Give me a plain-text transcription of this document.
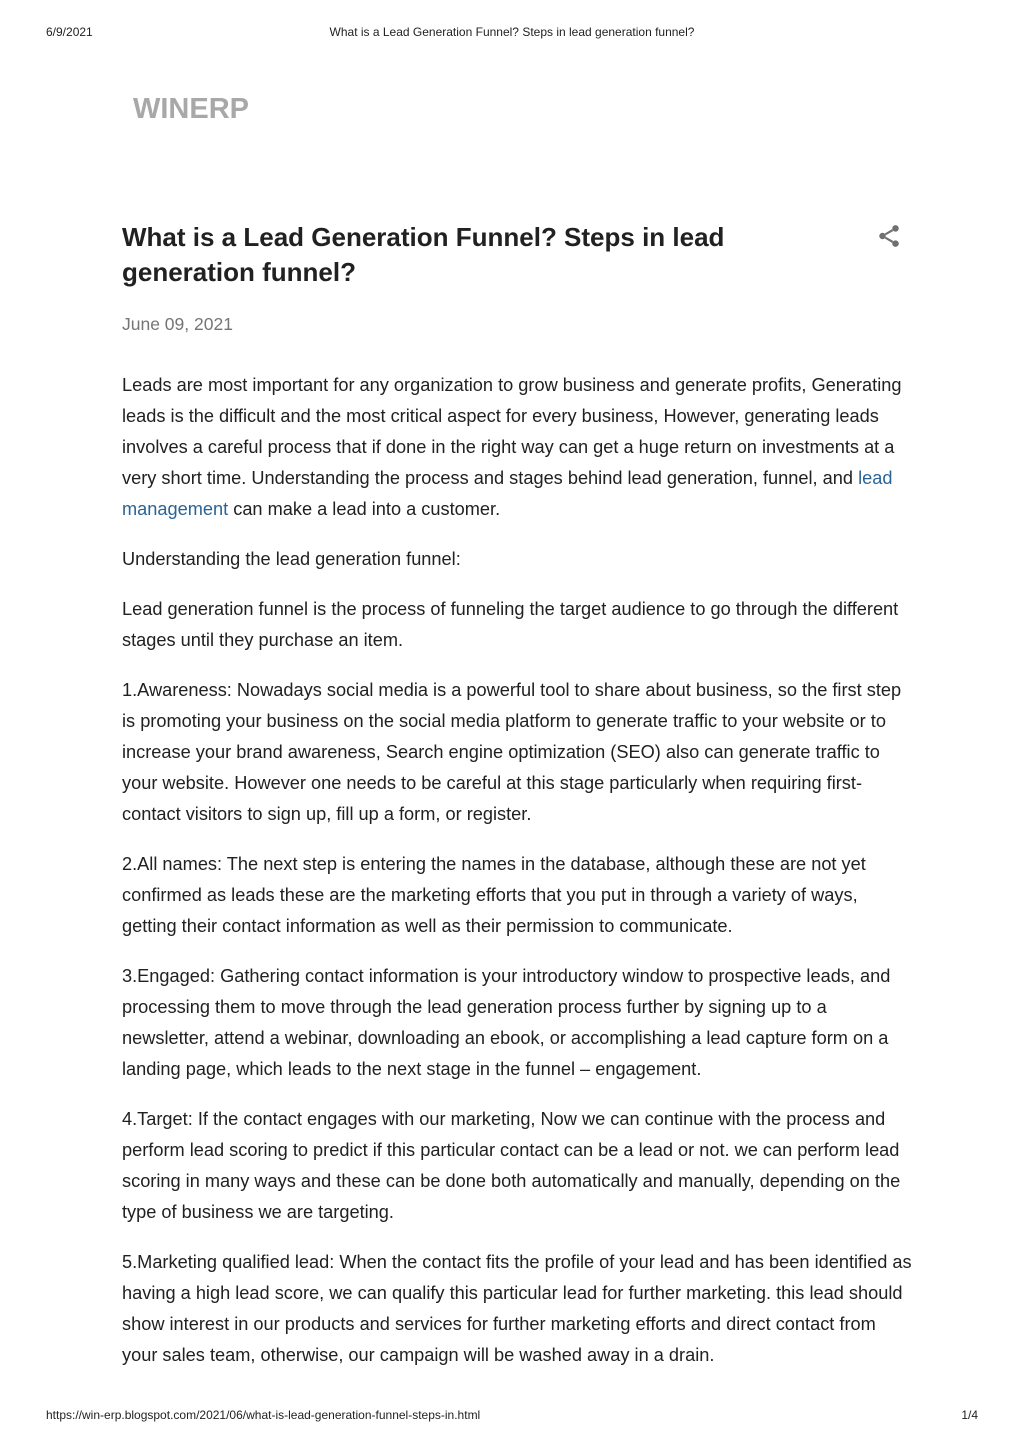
6/9/2021	What is a Lead Generation Funnel? Steps in lead generation funnel?
WINERP
What is a Lead Generation Funnel? Steps in lead generation funnel?
June 09, 2021

Leads are most important for any organization to grow business and generate profits, Generating leads is the difficult and the most critical aspect for every business, However, generating leads involves a careful process that if done in the right way can get a huge return on investments at a very short time. Understanding the process and stages behind lead generation, funnel, and lead management can make a lead into a customer.

Understanding the lead generation funnel:

Lead generation funnel is the process of funneling the target audience to go through the different stages until they purchase an item.

1.Awareness: Nowadays social media is a powerful tool to share about business, so the first step is promoting your business on the social media platform to generate traffic to your website or to increase your brand awareness, Search engine optimization (SEO) also can generate traffic to your website. However one needs to be careful at this stage particularly when requiring first-contact visitors to sign up, fill up a form, or register.

2.All names: The next step is entering the names in the database, although these are not yet confirmed as leads these are the marketing efforts that you put in through a variety of ways, getting their contact information as well as their permission to communicate.

3.Engaged: Gathering contact information is your introductory window to prospective leads, and processing them to move through the lead generation process further by signing up to a newsletter, attend a webinar, downloading an ebook, or accomplishing a lead capture form on a landing page, which leads to the next stage in the funnel – engagement.

4.Target: If the contact engages with our marketing, Now we can continue with the process and perform lead scoring to predict if this particular contact can be a lead or not. we can perform lead scoring in many ways and these can be done both automatically and manually, depending on the type of business we are targeting.

5.Marketing qualified lead: When the contact fits the profile of your lead and has been identified as having a high lead score, we can qualify this particular lead for further marketing. this lead should show interest in our products and services for further marketing efforts and direct contact from your sales team, otherwise, our campaign will be washed away in a drain.

https://win-erp.blogspot.com/2021/06/what-is-lead-generation-funnel-steps-in.html	1/4
